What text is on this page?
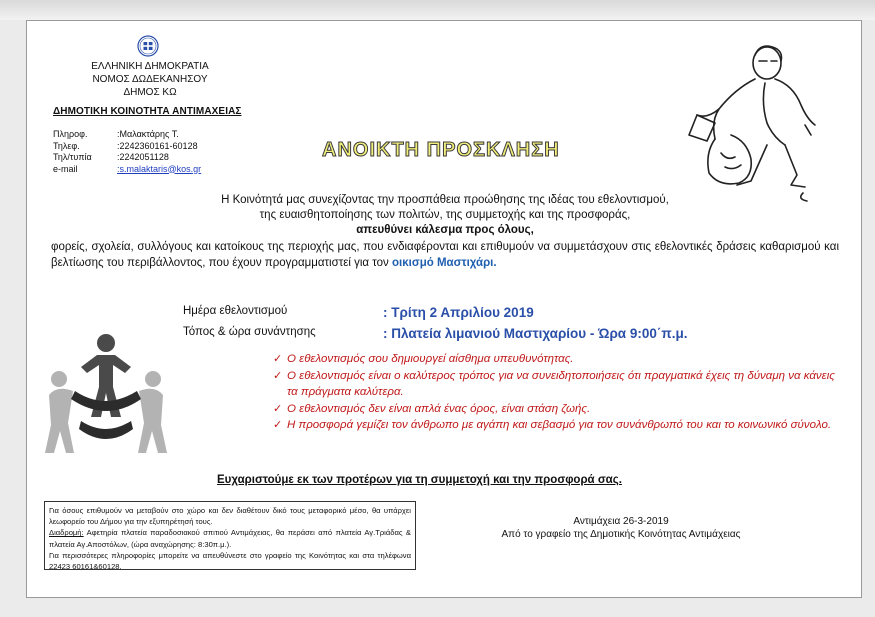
ΕΛΛΗΝΙΚΗ ΔΗΜΟΚΡΑΤΙΑ
ΝΟΜΟΣ ΔΩΔΕΚΑΝΗΣΟΥ
ΔΗΜΟΣ ΚΩ
ΔΗΜΟΤΙΚΗ ΚΟΙΝΟΤΗΤΑ ΑΝΤΙΜΑΧΕΙΑΣ
Πληροφ.	:Μαλακτάρης Τ.
Τηλεφ.	:2242360161-60128
Τηλ/τυπία	:2242051128
e-mail	:s.malaktaris@kos.gr
ΑΝΟΙΚΤΗ ΠΡΟΣΚΛΗΣΗ
Η Κοινότητά μας συνεχίζοντας την προσπάθεια προώθησης της ιδέας του εθελοντισμού,
της ευαισθητοποίησης των πολιτών, της συμμετοχής και της προσφοράς,
απευθύνει κάλεσμα προς όλους,
φορείς, σχολεία, συλλόγους και κατοίκους της περιοχής μας, που ενδιαφέρονται και επιθυμούν να συμμετάσχουν στις εθελοντικές δράσεις καθαρισμού και βελτίωσης του περιβάλλοντος, που έχουν προγραμματιστεί για τον οικισμό Μαστιχάρι.
Ημέρα εθελοντισμού	: Τρίτη 2 Απριλίου 2019
Τόπος & ώρα συνάντησης	: Πλατεία λιμανιού Μαστιχαρίου - Ώρα 9:00΄π.μ.
✓ Ο εθελοντισμός σου δημιουργεί αίσθημα υπευθυνότητας.
✓ Ο εθελοντισμός είναι ο καλύτερος τρόπος για να συνειδητοποιήσεις ότι πραγματικά έχεις τη δύναμη να κάνεις τα πράγματα καλύτερα.
✓ Ο εθελοντισμός δεν είναι απλά ένας όρος, είναι στάση ζωής.
✓ Η προσφορά γεμίζει τον άνθρωπο με αγάπη και σεβασμό για τον συνάνθρωπό του και το κοινωνικό σύνολο.
Ευχαριστούμε εκ των προτέρων για τη συμμετοχή και την προσφορά σας.
Για όσους επιθυμούν να μεταβούν στο χώρο και δεν διαθέτουν δικό τους μεταφορικό μέσο, θα υπάρχει λεωφορείο του Δήμου για την εξυπηρέτησή τους.
Διαδρομή: Αφετηρία πλατεία παραδοσιακού σπιτιού Αντιμάχειας, θα περάσει από πλατεία Αγ.Τριάδας & πλατεία Αγ.Αποστόλων, (ώρα αναχώρησης: 8:30π.μ.).
Για περισσότερες πληροφορίες μπορείτε να απευθύνεστε στο γραφείο της Κοινότητας και στα τηλέφωνα 22423 60161&60128.
Αντιμάχεια 26-3-2019
Από το γραφείο της Δημοτικής Κοινότητας Αντιμάχειας
